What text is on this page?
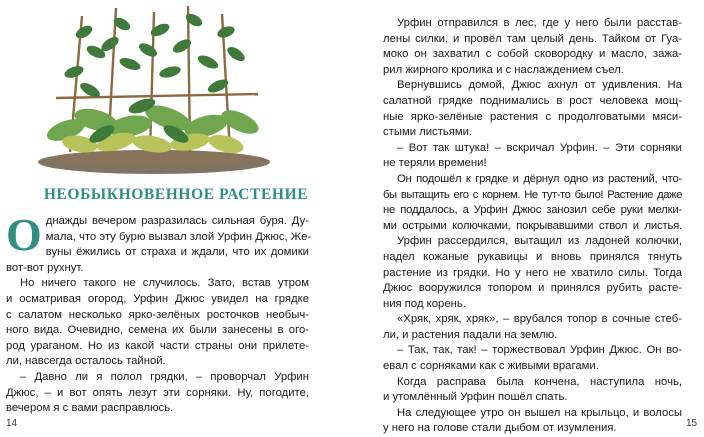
НЕОБЫКНОВЕННОЕ РАСТЕНИЕ

О днажды вечером разразилась сильная буря. Ду-
мала, что эту бурю вызвал злой Урфин Джюс, Же-
вуны ёжились от страха и ждали, что их домики
вот-вот рухнут.

Но ничего такого не случилось. Зато, встав утром
и осматривая огород, Урфин Джюс увидел на грядке
с салатом несколько ярко-зелёных росточков необыч-
ного вида. Очевидно, семена их были занесены в ого-
род ураганом. Но из какой части страны они прилете-
ли, навсегда осталось тайной.

– Давно ли я полол грядки, – проворчал Урфин
Джюс, – и вот опять лезут эти сорняки. Ну, погодите,
вечером я с вами расправлюсь.

14	15

Урфин отправился в лес, где у него были расстав-
лены силки, и провёл там целый день. Тайком от Гуа-
моко он захватил с собой сковородку и масло, зажа-
рил жирного кролика и с наслаждением съел.

Вернувшись домой, Джюс ахнул от удивления. На
салатной грядке поднимались в рост человека мощ-
ные ярко-зелёные растения с продолговатыми мяси-
стыми листьями.

– Вот так штука! – вскричал Урфин. – Эти сорняки
не теряли времени!

Он подошёл к грядке и дёрнул одно из растений, что-
бы вытащить его с корнем. Не тут-то было! Растение даже
не поддалось, а Урфин Джюс занозил себе руки мелки-
ми острыми колючками, покрывавшими ствол и листья.

Урфин рассердился, вытащил из ладоней колючки,
надел кожаные рукавицы и вновь принялся тянуть
растение из грядки. Но у него не хватило силы. Тогда
Джюс вооружился топором и принялся рубить расте-
ния под корень.

«Хряк, хряк, хряк», – врубался топор в сочные стеб-
ли, и растения падали на землю.

– Так, так, так! – торжествовал Урфин Джюс. Он во-
евал с сорняками как с живыми врагами.

Когда расправа была кончена, наступила ночь,
и утомлённый Урфин пошёл спать.

На следующее утро он вышел на крыльцо, и волосы
у него на голове стали дыбом от изумления.
